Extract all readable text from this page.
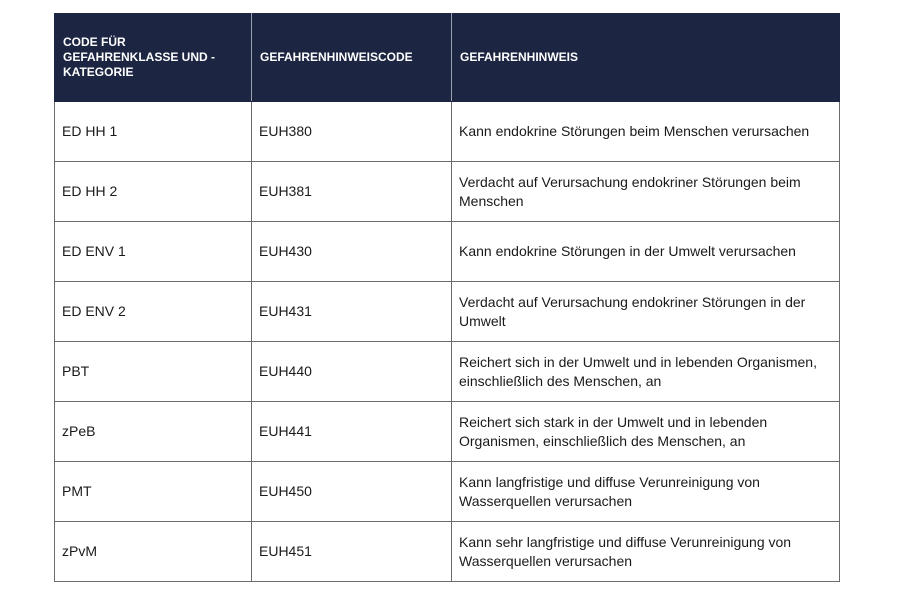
CODE FÜR GEFAHRENKLASSE UND -KATEGORIE	GEFAHRENHINWEISCODE	GEFAHRENHINWEIS
ED HH 1	EUH380	Kann endokrine Störungen beim Menschen verursachen
ED HH 2	EUH381	Verdacht auf Verursachung endokriner Störungen beim Menschen
ED ENV 1	EUH430	Kann endokrine Störungen in der Umwelt verursachen
ED ENV 2	EUH431	Verdacht auf Verursachung endokriner Störungen in der Umwelt
PBT	EUH440	Reichert sich in der Umwelt und in lebenden Organismen, einschließlich des Menschen, an
zPeB	EUH441	Reichert sich stark in der Umwelt und in lebenden Organismen, einschließlich des Menschen, an
PMT	EUH450	Kann langfristige und diffuse Verunreinigung von Wasserquellen verursachen
zPvM	EUH451	Kann sehr langfristige und diffuse Verunreinigung von Wasserquellen verursachen
